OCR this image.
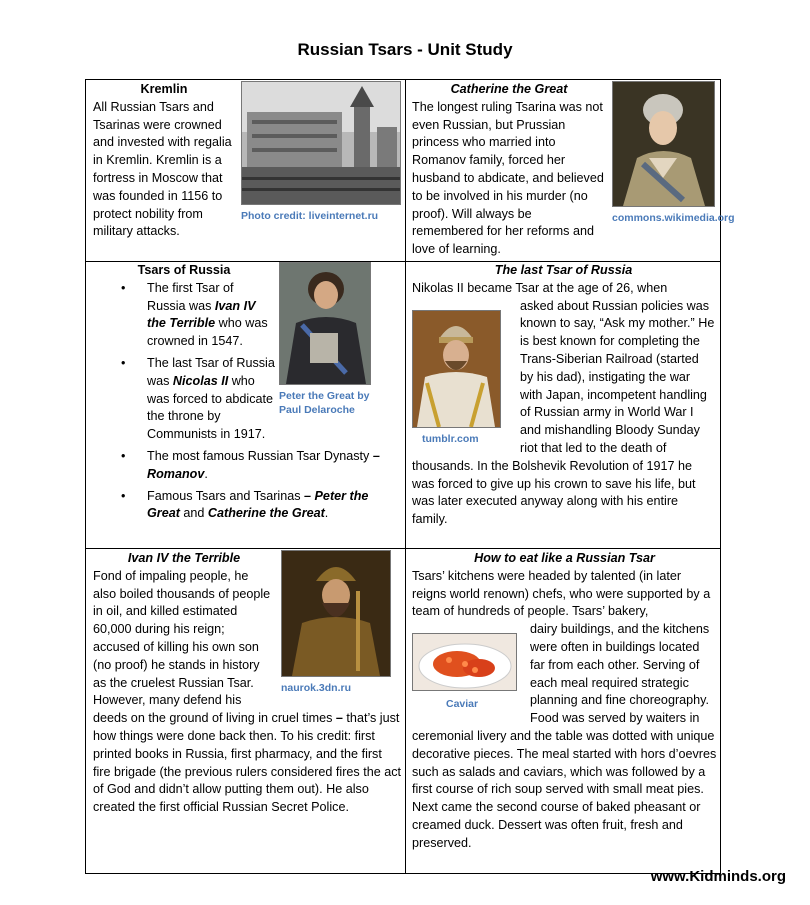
Russian Tsars - Unit Study
Photo credit: liveinternet.ru

Kremlin

All Russian Tsars and Tsarinas were crowned and invested with regalia in Kremlin. Kremlin is a fortress in Moscow that was founded in 1156 to protect nobility from military attacks.

commons.wikimedia.org

Catherine the Great

The longest ruling Tsarina was not even Russian, but Prussian princess who married into Romanov family, forced her husband to abdicate, and believed to be involved in his murder (no proof). Will always be remembered for her reforms and love of learning.

Peter the Great by Paul Delaroche

Tsars of Russia

• The first Tsar of Russia was Ivan IV the Terrible who was crowned in 1547.
• The last Tsar of Russia was Nicolas II who was forced to abdicate the throne by Communists in 1917.
• The most famous Russian Tsar Dynasty – Romanov.
• Famous Tsars and Tsarinas – Peter the Great and Catherine the Great.

The last Tsar of Russia

Nikolas II became Tsar at the age of 26, when

tumblr.com

asked about Russian policies was known to say, “Ask my mother.” He is best known for completing the Trans-Siberian Railroad (started by his dad), instigating the war with Japan, incompetent handling of Russian army in World War I and mishandling Bloody Sunday riot that led to the death of thousands. In the Bolshevik Revolution of 1917 he was forced to give up his crown to save his life, but was later executed anyway along with his entire family.

naurok.3dn.ru

Ivan IV the Terrible

Fond of impaling people, he also boiled thousands of people in oil, and killed estimated 60,000 during his reign; accused of killing his own son (no proof) he stands in history as the cruelest Russian Tsar.

However, many defend his deeds on the ground of living in cruel times – that’s just how things were done back then. To his credit: first printed books in Russia, first pharmacy, and the first fire brigade (the previous rulers considered fires the act of God and didn’t allow putting them out). He also created the first official Russian Secret Police.

How to eat like a Russian Tsar

Tsars’ kitchens were headed by talented (in later reigns world renown) chefs, who were supported by a team of hundreds of people. Tsars’ bakery,

Caviar

dairy buildings, and the kitchens were often in buildings located far from each other. Serving of each meal required strategic planning and fine choreography. Food was served by waiters in ceremonial livery and the table was dotted with unique decorative pieces. The meal started with hors d’oevres such as salads and caviars, which was followed by a first course of rich soup served with small meat pies. Next came the second course of baked pheasant or creamed duck. Dessert was often fruit, fresh and preserved.

www.Kidminds.org
